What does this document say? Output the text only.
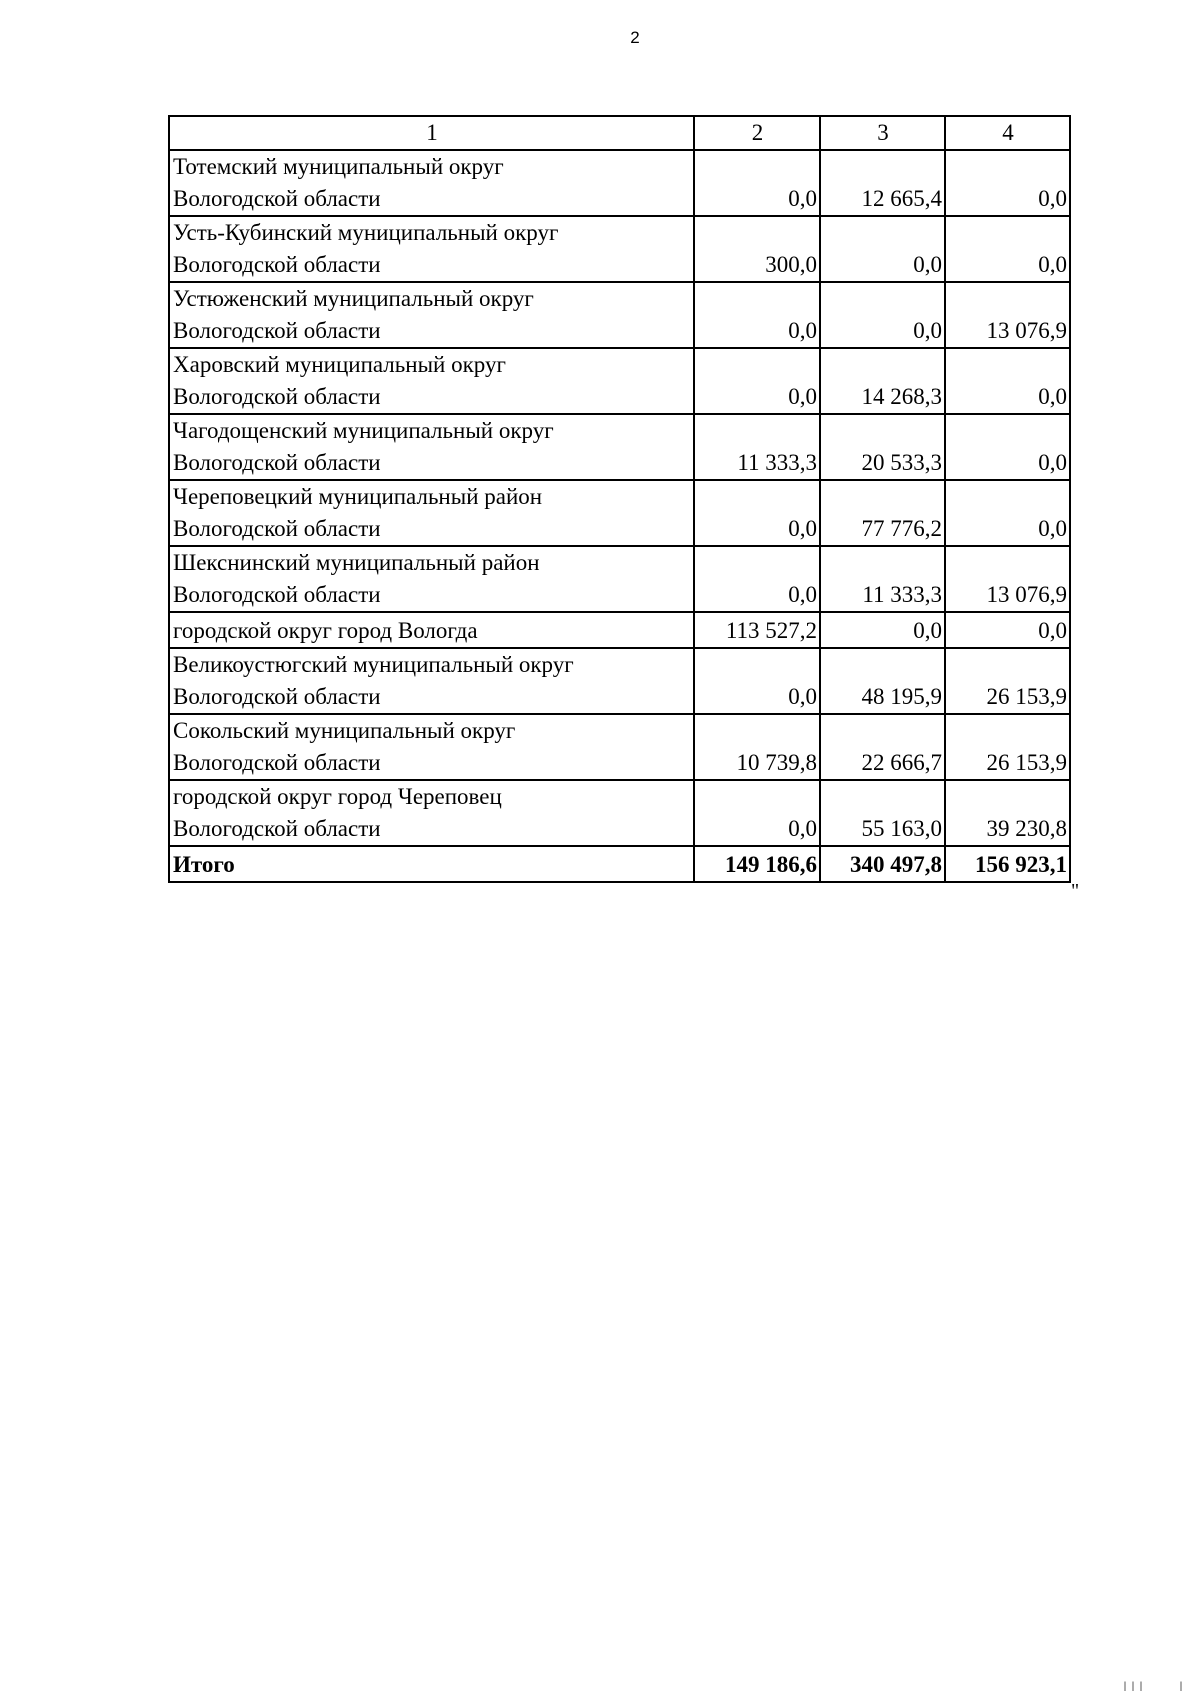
2
1	2	3	4
Тотемский муниципальный округ
Вологодской области	0,0	12 665,4	0,0
Усть-Кубинский муниципальный округ
Вологодской области	300,0	0,0	0,0
Устюженский муниципальный округ
Вологодской области	0,0	0,0	13 076,9
Харовский муниципальный округ
Вологодской области	0,0	14 268,3	0,0
Чагодощенский муниципальный округ
Вологодской области	11 333,3	20 533,3	0,0
Череповецкий муниципальный район
Вологодской области	0,0	77 776,2	0,0
Шекснинский муниципальный район
Вологодской области	0,0	11 333,3	13 076,9
городской округ город Вологда	113 527,2	0,0	0,0
Великоустюгский муниципальный округ
Вологодской области	0,0	48 195,9	26 153,9
Сокольский муниципальный округ
Вологодской области	10 739,8	22 666,7	26 153,9
городской округ город Череповец
Вологодской области	0,0	55 163,0	39 230,8
Итого	149 186,6	340 497,8	156 923,1
"
|||    |
